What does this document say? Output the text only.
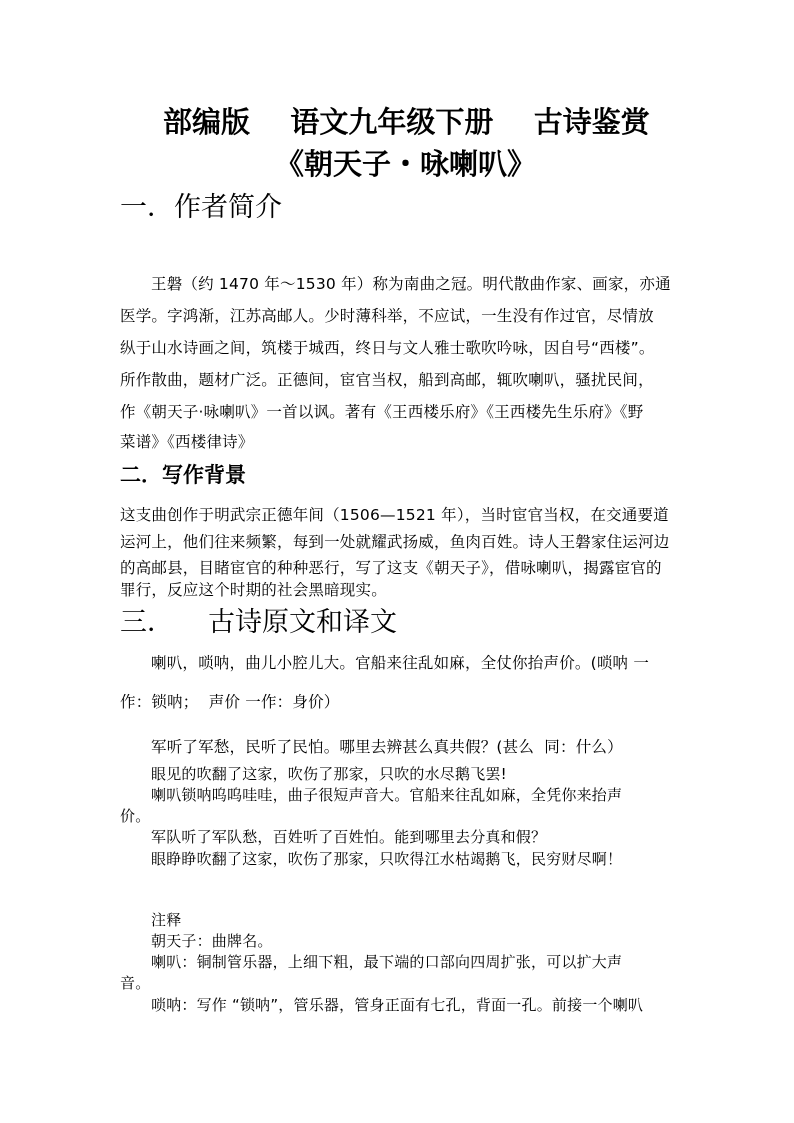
部编版    语文九年级下册    古诗鉴赏
《朝天子・咏喇叭》
一．作者简介
王磐（约 1470 年～1530 年）称为南曲之冠。明代散曲作家、画家，亦通
医学。字鸿渐，江苏高邮人。少时薄科举，不应试，一生没有作过官，尽情放
纵于山水诗画之间，筑楼于城西，终日与文人雅士歌吹吟咏，因自号“西楼”。
所作散曲，题材广泛。正德间，宦官当权，船到高邮，辄吹喇叭，骚扰民间，
作《朝天子·咏喇叭》一首以讽。著有《王西楼乐府》《王西楼先生乐府》《野
菜谱》《西楼律诗》
二．写作背景
这支曲创作于明武宗正德年间（1506—1521 年），当时宦官当权，在交通要道
运河上，他们往来频繁，每到一处就耀武扬威，鱼肉百姓。诗人王磐家住运河边
的高邮县，目睹宦官的种种恶行，写了这支《朝天子》，借咏喇叭，揭露宦官的
罪行，反应这个时期的社会黑暗现实。
三． 古诗原文和译文
喇叭，唢呐，曲儿小腔儿大。官船来往乱如麻，全仗你抬声价。(唢呐 一
作：锁呐；  声价 一作：身价）
军听了军愁，民听了民怕。哪里去辨甚么真共假？(甚么  同：什么）
眼见的吹翻了这家，吹伤了那家，只吹的水尽鹅飞罢!
喇叭锁呐呜呜哇哇，曲子很短声音大。官船来往乱如麻，全凭你来抬声
价。
军队听了军队愁，百姓听了百姓怕。能到哪里去分真和假？
眼睁睁吹翻了这家，吹伤了那家，只吹得江水枯竭鹅飞，民穷财尽啊！
注释
朝天子：曲牌名。
喇叭：铜制管乐器，上细下粗，最下端的口部向四周扩张，可以扩大声
音。
唢呐：写作 “锁呐”，管乐器，管身正面有七孔，背面一孔。前接一个喇叭
